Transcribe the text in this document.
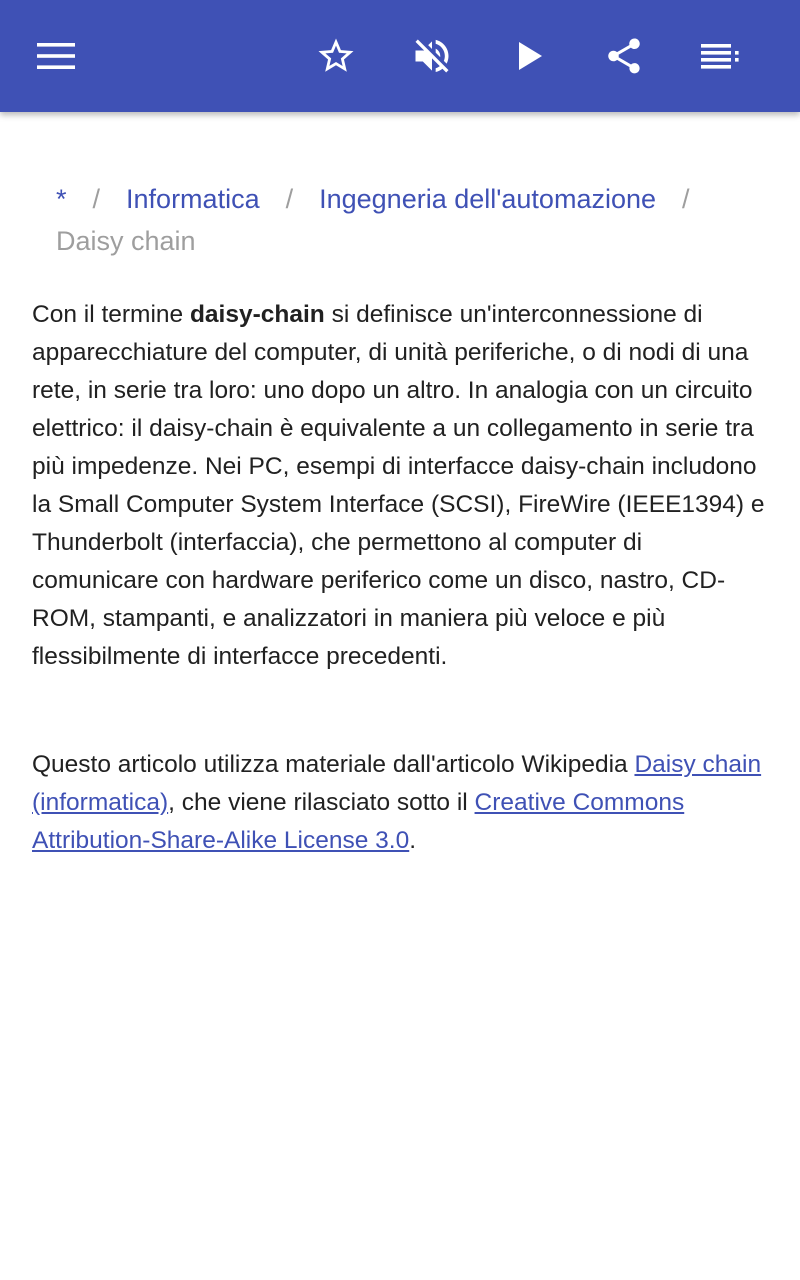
* / Informatica / Ingegneria dell'automazione /Daisy chain

Con il termine daisy-chain si definisce un'interconnessione di apparecchiature del computer, di unità periferiche, o di nodi di una rete, in serie tra loro: uno dopo un altro. In analogia con un circuito elettrico: il daisy-chain è equivalente a un collegamento in serie tra più impedenze. Nei PC, esempi di interfacce daisy-chain includono la Small Computer System Interface (SCSI), FireWire (IEEE1394) e Thunderbolt (interfaccia), che permettono al computer di comunicare con hardware periferico come un disco, nastro, CD-ROM, stampanti, e analizzatori in maniera più veloce e più flessibilmente di interfacce precedenti.

Questo articolo utilizza materiale dall'articolo Wikipedia Daisy chain (informatica), che viene rilasciato sotto il Creative Commons Attribution-Share-Alike License 3.0.
